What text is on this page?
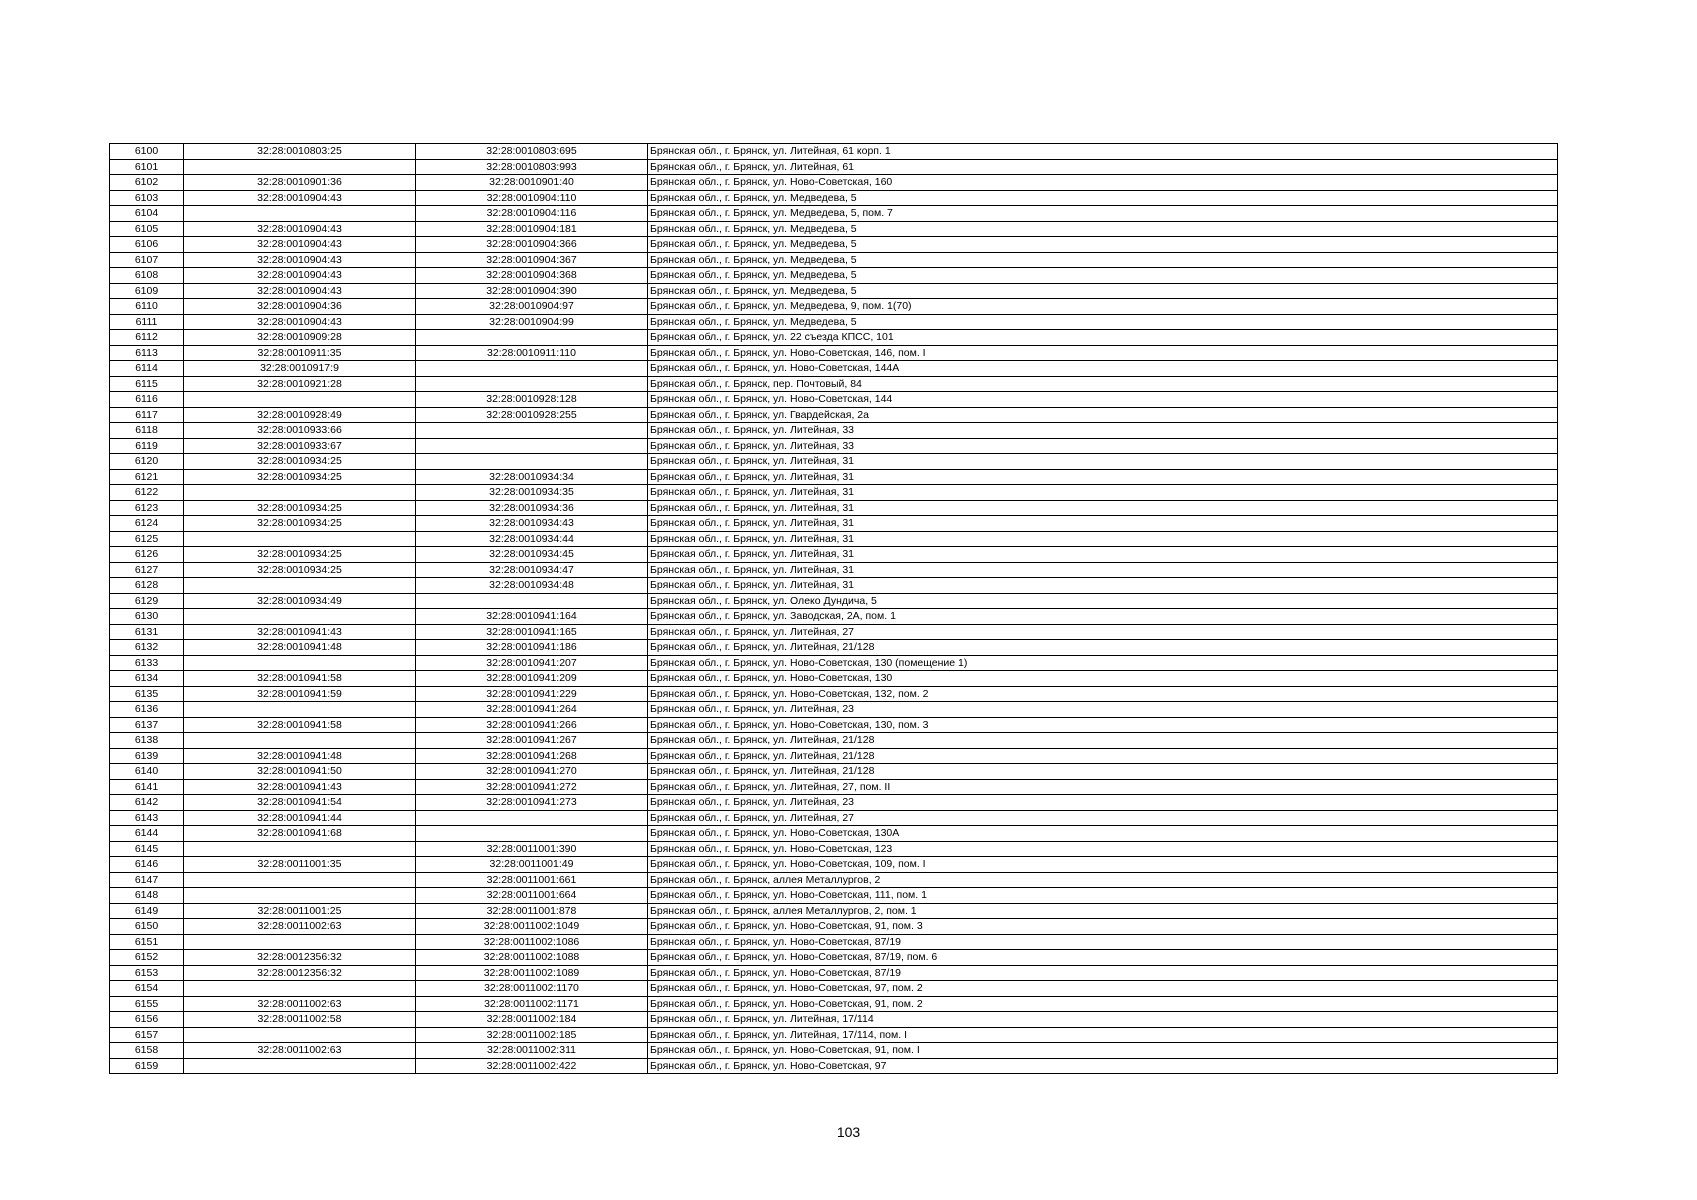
6100	32:28:0010803:25	32:28:0010803:695	Брянская обл., г. Брянск, ул. Литейная, 61 корп. 1
6101		32:28:0010803:993	Брянская обл., г. Брянск, ул. Литейная, 61
6102	32:28:0010901:36	32:28:0010901:40	Брянская обл., г. Брянск, ул. Ново-Советская, 160
6103	32:28:0010904:43	32:28:0010904:110	Брянская обл., г. Брянск, ул. Медведева, 5
6104		32:28:0010904:116	Брянская обл., г. Брянск, ул. Медведева, 5, пом. 7
6105	32:28:0010904:43	32:28:0010904:181	Брянская обл., г. Брянск, ул. Медведева, 5
6106	32:28:0010904:43	32:28:0010904:366	Брянская обл., г. Брянск, ул. Медведева, 5
6107	32:28:0010904:43	32:28:0010904:367	Брянская обл., г. Брянск, ул. Медведева, 5
6108	32:28:0010904:43	32:28:0010904:368	Брянская обл., г. Брянск, ул. Медведева, 5
6109	32:28:0010904:43	32:28:0010904:390	Брянская обл., г. Брянск, ул. Медведева, 5
6110	32:28:0010904:36	32:28:0010904:97	Брянская обл., г. Брянск, ул. Медведева, 9, пом. 1(70)
6111	32:28:0010904:43	32:28:0010904:99	Брянская обл., г. Брянск, ул. Медведева, 5
6112	32:28:0010909:28		Брянская обл., г. Брянск, ул. 22 съезда КПСС, 101
6113	32:28:0010911:35	32:28:0010911:110	Брянская обл., г. Брянск, ул. Ново-Советская, 146, пом. I
6114	32:28:0010917:9		Брянская обл., г. Брянск, ул. Ново-Советская, 144А
6115	32:28:0010921:28		Брянская обл., г. Брянск, пер. Почтовый, 84
6116		32:28:0010928:128	Брянская обл., г. Брянск, ул. Ново-Советская, 144
6117	32:28:0010928:49	32:28:0010928:255	Брянская обл., г. Брянск, ул. Гвардейская, 2а
6118	32:28:0010933:66		Брянская обл., г. Брянск, ул. Литейная, 33
6119	32:28:0010933:67		Брянская обл., г. Брянск, ул. Литейная, 33
6120	32:28:0010934:25		Брянская обл., г. Брянск, ул. Литейная, 31
6121	32:28:0010934:25	32:28:0010934:34	Брянская обл., г. Брянск, ул. Литейная, 31
6122		32:28:0010934:35	Брянская обл., г. Брянск, ул. Литейная, 31
6123	32:28:0010934:25	32:28:0010934:36	Брянская обл., г. Брянск, ул. Литейная, 31
6124	32:28:0010934:25	32:28:0010934:43	Брянская обл., г. Брянск, ул. Литейная, 31
6125		32:28:0010934:44	Брянская обл., г. Брянск, ул. Литейная, 31
6126	32:28:0010934:25	32:28:0010934:45	Брянская обл., г. Брянск, ул. Литейная, 31
6127	32:28:0010934:25	32:28:0010934:47	Брянская обл., г. Брянск, ул. Литейная, 31
6128		32:28:0010934:48	Брянская обл., г. Брянск, ул. Литейная, 31
6129	32:28:0010934:49		Брянская обл., г. Брянск, ул. Олеко Дундича, 5
6130		32:28:0010941:164	Брянская обл., г. Брянск, ул. Заводская, 2А, пом. 1
6131	32:28:0010941:43	32:28:0010941:165	Брянская обл., г. Брянск, ул. Литейная, 27
6132	32:28:0010941:48	32:28:0010941:186	Брянская обл., г. Брянск, ул. Литейная, 21/128
6133		32:28:0010941:207	Брянская обл., г. Брянск, ул. Ново-Советская, 130 (помещение 1)
6134	32:28:0010941:58	32:28:0010941:209	Брянская обл., г. Брянск, ул. Ново-Советская, 130
6135	32:28:0010941:59	32:28:0010941:229	Брянская обл., г. Брянск, ул. Ново-Советская, 132, пом. 2
6136		32:28:0010941:264	Брянская обл., г. Брянск, ул. Литейная, 23
6137	32:28:0010941:58	32:28:0010941:266	Брянская обл., г. Брянск, ул. Ново-Советская, 130, пом. 3
6138		32:28:0010941:267	Брянская обл., г. Брянск, ул. Литейная, 21/128
6139	32:28:0010941:48	32:28:0010941:268	Брянская обл., г. Брянск, ул. Литейная, 21/128
6140	32:28:0010941:50	32:28:0010941:270	Брянская обл., г. Брянск, ул. Литейная, 21/128
6141	32:28:0010941:43	32:28:0010941:272	Брянская обл., г. Брянск, ул. Литейная, 27, пом. II
6142	32:28:0010941:54	32:28:0010941:273	Брянская обл., г. Брянск, ул. Литейная, 23
6143	32:28:0010941:44		Брянская обл., г. Брянск, ул. Литейная, 27
6144	32:28:0010941:68		Брянская обл., г. Брянск, ул. Ново-Советская, 130А
6145		32:28:0011001:390	Брянская обл., г. Брянск, ул. Ново-Советская, 123
6146	32:28:0011001:35	32:28:0011001:49	Брянская обл., г. Брянск, ул. Ново-Советская, 109, пом. I
6147		32:28:0011001:661	Брянская обл., г. Брянск, аллея Металлургов, 2
6148		32:28:0011001:664	Брянская обл., г. Брянск, ул. Ново-Советская, 111, пом. 1
6149	32:28:0011001:25	32:28:0011001:878	Брянская обл., г. Брянск, аллея Металлургов, 2, пом. 1
6150	32:28:0011002:63	32:28:0011002:1049	Брянская обл., г. Брянск, ул. Ново-Советская, 91, пом. 3
6151		32:28:0011002:1086	Брянская обл., г. Брянск, ул. Ново-Советская, 87/19
6152	32:28:0012356:32	32:28:0011002:1088	Брянская обл., г. Брянск, ул. Ново-Советская, 87/19, пом. 6
6153	32:28:0012356:32	32:28:0011002:1089	Брянская обл., г. Брянск, ул. Ново-Советская, 87/19
6154		32:28:0011002:1170	Брянская обл., г. Брянск, ул. Ново-Советская, 97, пом. 2
6155	32:28:0011002:63	32:28:0011002:1171	Брянская обл., г. Брянск, ул. Ново-Советская, 91, пом. 2
6156	32:28:0011002:58	32:28:0011002:184	Брянская обл., г. Брянск, ул. Литейная, 17/114
6157		32:28:0011002:185	Брянская обл., г. Брянск, ул. Литейная, 17/114, пом. I
6158	32:28:0011002:63	32:28:0011002:311	Брянская обл., г. Брянск, ул. Ново-Советская, 91, пом. I
6159		32:28:0011002:422	Брянская обл., г. Брянск, ул. Ново-Советская, 97
103
